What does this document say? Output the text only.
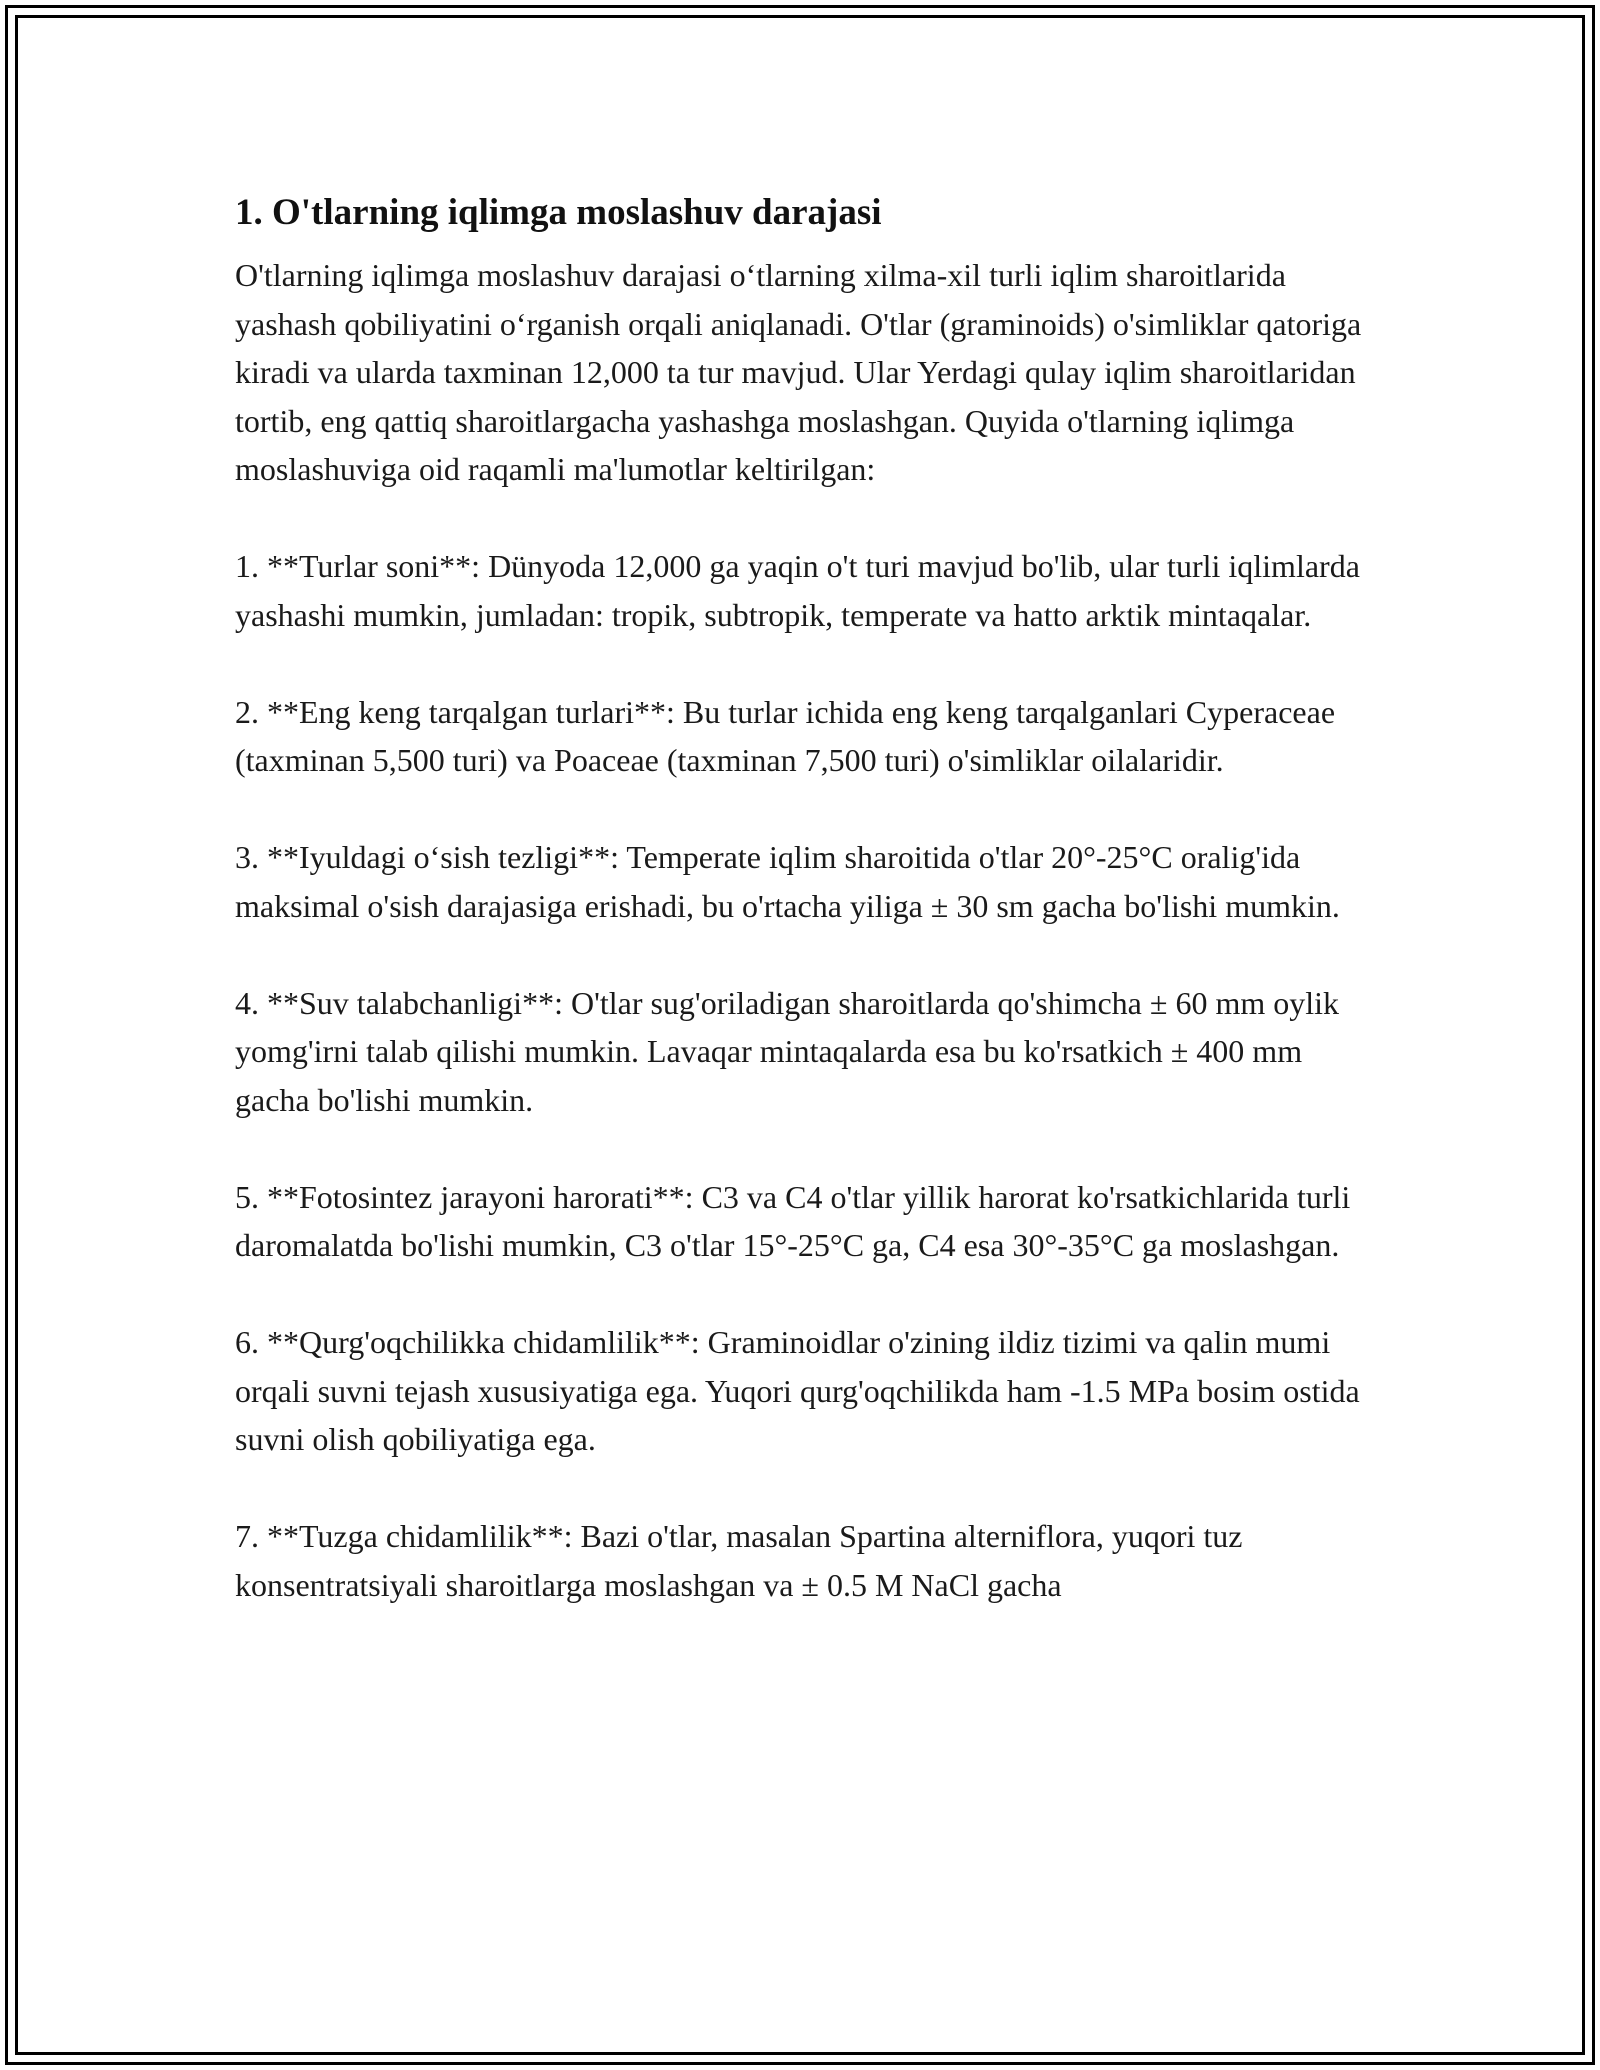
1. O'tlarning iqlimga moslashuv darajasi

O'tlarning iqlimga moslashuv darajasi o‘tlarning xilma-xil turli iqlim sharoitlarida yashash qobiliyatini o‘rganish orqali aniqlanadi. O'tlar (graminoids) o'simliklar qatoriga kiradi va ularda taxminan 12,000 ta tur mavjud. Ular Yerdagi qulay iqlim sharoitlaridan tortib, eng qattiq sharoitlargacha yashashga moslashgan. Quyida o'tlarning iqlimga moslashuviga oid raqamli ma'lumotlar keltirilgan:

1. **Turlar soni**: Dünyoda 12,000 ga yaqin o't turi mavjud bo'lib, ular turli iqlimlarda yashashi mumkin, jumladan: tropik, subtropik, temperate va hatto arktik mintaqalar.

2. **Eng keng tarqalgan turlari**: Bu turlar ichida eng keng tarqalganlari Cyperaceae (taxminan 5,500 turi) va Poaceae (taxminan 7,500 turi) o'simliklar oilalaridir.

3. **Iyuldagi o‘sish tezligi**: Temperate iqlim sharoitida o'tlar 20°-25°C oralig'ida maksimal o'sish darajasiga erishadi, bu o'rtacha yiliga ± 30 sm gacha bo'lishi mumkin.

4. **Suv talabchanligi**: O'tlar sug'oriladigan sharoitlarda qo'shimcha ± 60 mm oylik yomg'irni talab qilishi mumkin. Lavaqar mintaqalarda esa bu ko'rsatkich ± 400 mm gacha bo'lishi mumkin.

5. **Fotosintez jarayoni harorati**: C3 va C4 o'tlar yillik harorat ko'rsatkichlarida turli daromalatda bo'lishi mumkin, C3 o'tlar 15°-25°C ga, C4 esa 30°-35°C ga moslashgan.

6. **Qurg'oqchilikka chidamlilik**: Graminoidlar o'zining ildiz tizimi va qalin mumi orqali suvni tejash xususiyatiga ega. Yuqori qurg'oqchilikda ham -1.5 MPa bosim ostida suvni olish qobiliyatiga ega.

7. **Tuzga chidamlilik**: Bazi o'tlar, masalan Spartina alterniflora, yuqori tuz konsentratsiyali sharoitlarga moslashgan va ± 0.5 M NaCl gacha
